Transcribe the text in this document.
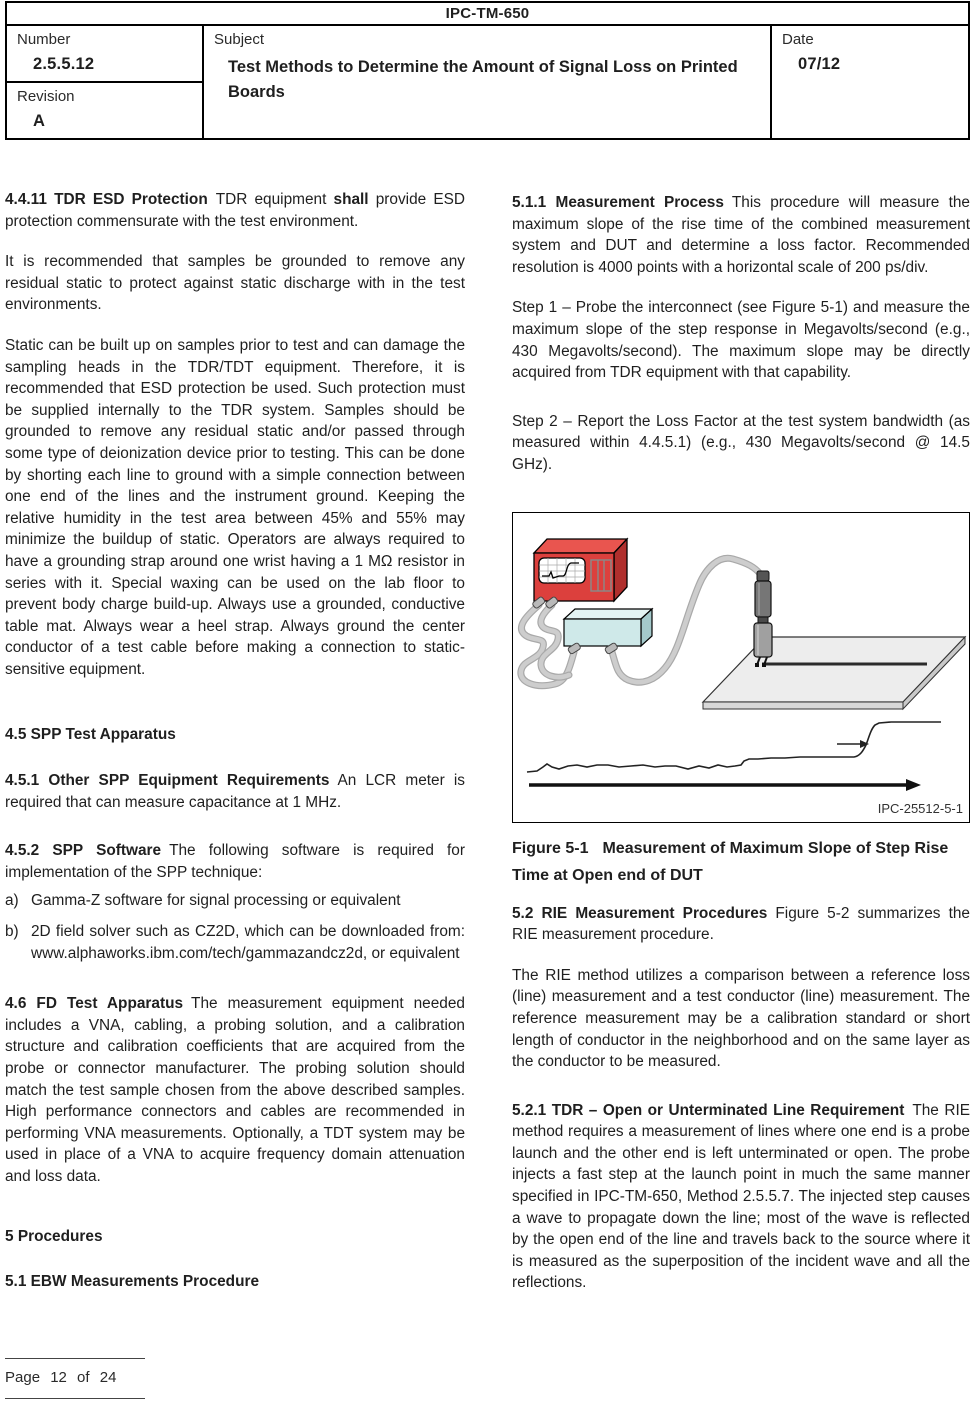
IPC-TM-650
Number
2.5.5.12
Revision
A
Subject
Test Methods to Determine the Amount of Signal Loss on Printed Boards
Date
07/12

4.4.11 TDR ESD Protection TDR equipment shall provide ESD protection commensurate with the test environment.

It is recommended that samples be grounded to remove any residual static to protect against static discharge with in the test environments.

Static can be built up on samples prior to test and can damage the sampling heads in the TDR/TDT equipment. Therefore, it is recommended that ESD protection be used. Such protection must be supplied internally to the TDR system. Samples should be grounded to remove any residual static and/or passed through some type of deionization device prior to testing. This can be done by shorting each line to ground with a simple connection between one end of the lines and the instrument ground. Keeping the relative humidity in the test area between 45% and 55% may minimize the buildup of static. Operators are always required to have a grounding strap around one wrist having a 1 MΩ resistor in series with it. Special waxing can be used on the lab floor to prevent body charge build-up. Always use a grounded, conductive table mat. Always wear a heel strap. Always ground the center conductor of a test cable before making a connection to static-sensitive equipment.

4.5 SPP Test Apparatus

4.5.1 Other SPP Equipment Requirements An LCR meter is required that can measure capacitance at 1 MHz.

4.5.2 SPP Software The following software is required for implementation of the SPP technique:

a) Gamma-Z software for signal processing or equivalent
b) 2D field solver such as CZ2D, which can be downloaded from: www.alphaworks.ibm.com/tech/gammazandcz2d, or equivalent

4.6 FD Test Apparatus The measurement equipment needed includes a VNA, cabling, a probing solution, and a calibration structure and calibration coefficients that are acquired from the probe or connector manufacturer. The probing solution should match the test sample chosen from the above described samples. High performance connectors and cables are recommended in performing VNA measurements. Optionally, a TDT system may be used in place of a VNA to acquire frequency domain attenuation and loss data.

5 Procedures
5.1 EBW Measurements Procedure

5.1.1 Measurement Process This procedure will measure the maximum slope of the rise time of the combined measurement system and DUT and determine a loss factor. Recommended resolution is 4000 points with a horizontal scale of 200 ps/div.

Step 1 – Probe the interconnect (see Figure 5-1) and measure the maximum slope of the step response in Megavolts/second (e.g., 430 Megavolts/second). The maximum slope may be directly acquired from TDR equipment with that capability.

Step 2 – Report the Loss Factor at the test system bandwidth (as measured within 4.4.5.1) (e.g., 430 Megavolts/second @ 14.5 GHz).

IPC-25512-5-1

Figure 5-1 Measurement of Maximum Slope of Step Rise Time at Open end of DUT

5.2 RIE Measurement Procedures Figure 5-2 summarizes the RIE measurement procedure.

The RIE method utilizes a comparison between a reference loss (line) measurement and a test conductor (line) measurement. The reference measurement may be a calibration standard or short length of conductor in the neighborhood and on the same layer as the conductor to be measured.

5.2.1 TDR – Open or Unterminated Line Requirement The RIE method requires a measurement of lines where one end is a probe launch and the other end is left unterminated or open. The probe injects a fast step at the launch point in much the same manner specified in IPC-TM-650, Method 2.5.5.7. The injected step causes a wave to propagate down the line; most of the wave is reflected by the open end of the line and travels back to the source where it is measured as the superposition of the incident wave and all the reflections.

Page 12 of 24
